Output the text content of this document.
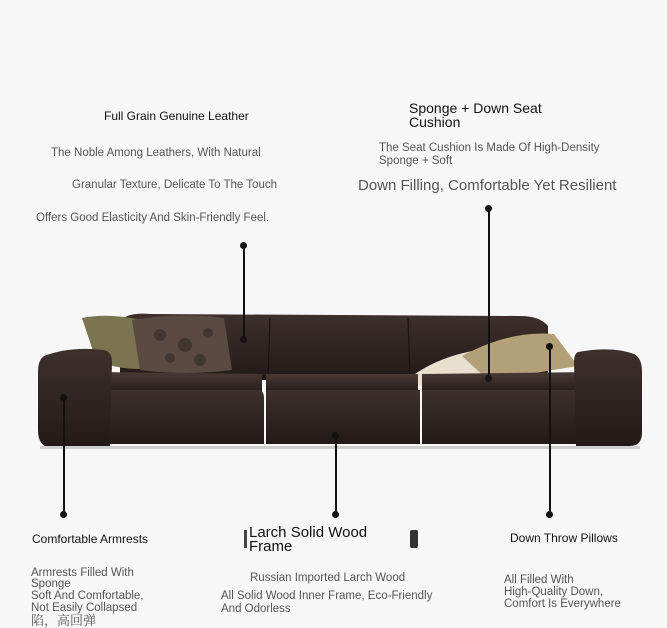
Full Grain Genuine Leather
The Noble Among Leathers, With Natural
Granular Texture, Delicate To The Touch
Offers Good Elasticity And Skin-Friendly Feel.
Sponge + Down Seat
Cushion
The Seat Cushion Is Made Of High-Density
Sponge + Soft
Down Filling, Comfortable Yet Resilient
Comfortable Armrests
Armrests Filled With
Sponge
Soft And Comfortable,
Not Easily Collapsed
陷，高回弹
Larch Solid Wood
Frame
Russian Imported Larch Wood
All Solid Wood Inner Frame, Eco-Friendly
And Odorless
Down Throw Pillows
All Filled With
High-Quality Down,
Comfort Is Everywhere
